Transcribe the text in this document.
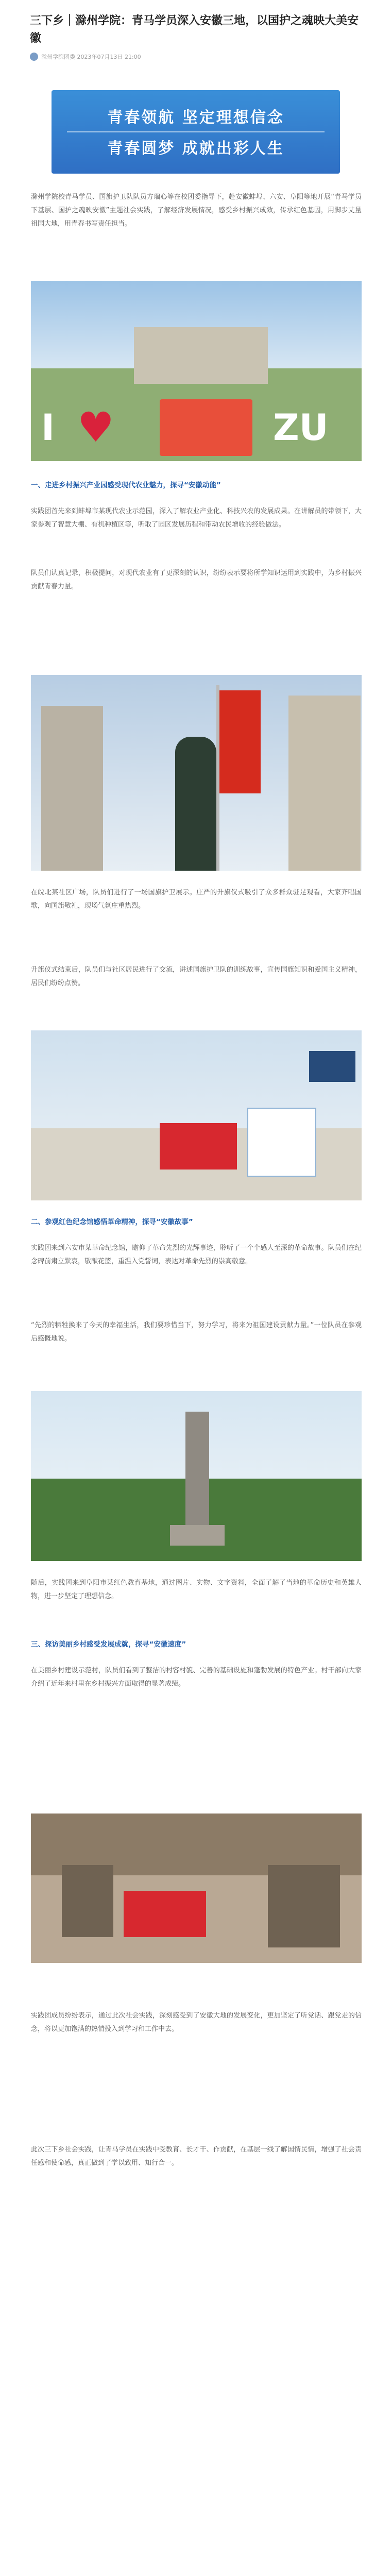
三下乡｜滁州学院：青马学员深入安徽三地，以国护之魂映大美安徽
滁州学院团委 2023年07月13日 21:00
青春领航 坚定理想信念
青春圆梦 成就出彩人生

滁州学院校青马学员、国旗护卫队队员方瑞心等在校团委指导下，赴安徽蚌埠、六安、阜阳等地开展“青马学员下基层、国护之魂映安徽”主题社会实践，了解经济发展情况，感受乡村振兴成效，传承红色基因，用脚步丈量祖国大地，用青春书写责任担当。

I ♥	ZU

一、走进乡村振兴产业园感受现代农业魅力，探寻“安徽动能”

实践团首先来到蚌埠市某现代农业示范园，深入了解农业产业化、科技兴农的发展成果。在讲解员的带领下，大家参观了智慧大棚、有机种植区等，听取了园区发展历程和带动农民增收的经验做法。

队员们认真记录，积极提问，对现代农业有了更深刻的认识，纷纷表示要将所学知识运用到实践中，为乡村振兴贡献青春力量。

在皖北某社区广场，队员们进行了一场国旗护卫展示。庄严的升旗仪式吸引了众多群众驻足观看，大家齐唱国歌，向国旗敬礼，现场气氛庄重热烈。

升旗仪式结束后，队员们与社区居民进行了交流，讲述国旗护卫队的训练故事，宣传国旗知识和爱国主义精神，居民们纷纷点赞。

二、参观红色纪念馆感悟革命精神，探寻“安徽故事”

实践团来到六安市某革命纪念馆，瞻仰了革命先烈的光辉事迹，聆听了一个个感人至深的革命故事。队员们在纪念碑前肃立默哀，敬献花篮，重温入党誓词，表达对革命先烈的崇高敬意。

“先烈的牺牲换来了今天的幸福生活，我们要珍惜当下，努力学习，将来为祖国建设贡献力量。”一位队员在参观后感慨地说。

随后，实践团来到阜阳市某红色教育基地，通过图片、实物、文字资料，全面了解了当地的革命历史和英雄人物，进一步坚定了理想信念。

三、探访美丽乡村感受发展成就，探寻“安徽速度”

在美丽乡村建设示范村，队员们看到了整洁的村容村貌、完善的基础设施和蓬勃发展的特色产业。村干部向大家介绍了近年来村里在乡村振兴方面取得的显著成绩。

实践团成员纷纷表示，通过此次社会实践，深刻感受到了安徽大地的发展变化，更加坚定了听党话、跟党走的信念，将以更加饱满的热情投入到学习和工作中去。

此次三下乡社会实践，让青马学员在实践中受教育、长才干、作贡献，在基层一线了解国情民情，增强了社会责任感和使命感，真正做到了学以致用、知行合一。
